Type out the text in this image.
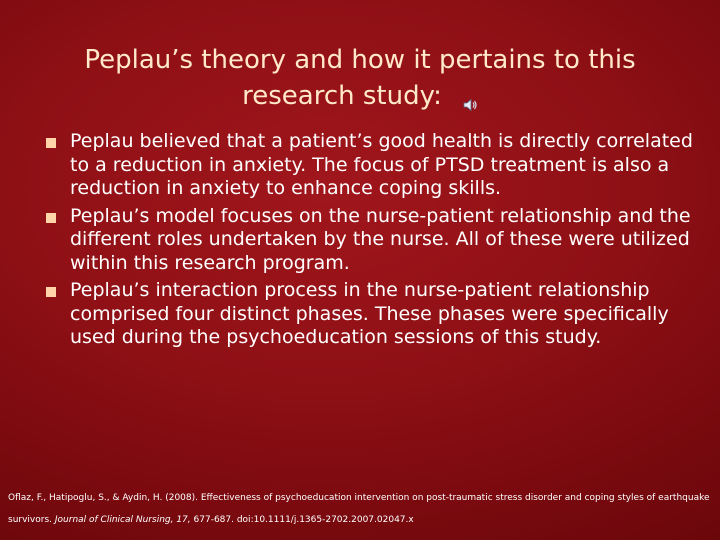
Peplau’s theory and how it pertains to this
research study:
Peplau believed that a patient’s good health is directly correlated to a reduction in anxiety. The focus of PTSD treatment is also a reduction in anxiety to enhance coping skills.
Peplau’s model focuses on the nurse-patient relationship and the different roles undertaken by the nurse. All of these were utilized within this research program.
Peplau’s interaction process in the nurse-patient relationship comprised four distinct phases. These phases were specifically used during the psychoeducation sessions of this study.
Oflaz, F., Hatipoglu, S., & Aydin, H. (2008). Effectiveness of psychoeducation intervention on post-traumatic stress disorder and coping styles of earthquake survivors. Journal of Clinical Nursing, 17, 677-687. doi:10.1111/j.1365-2702.2007.02047.x
